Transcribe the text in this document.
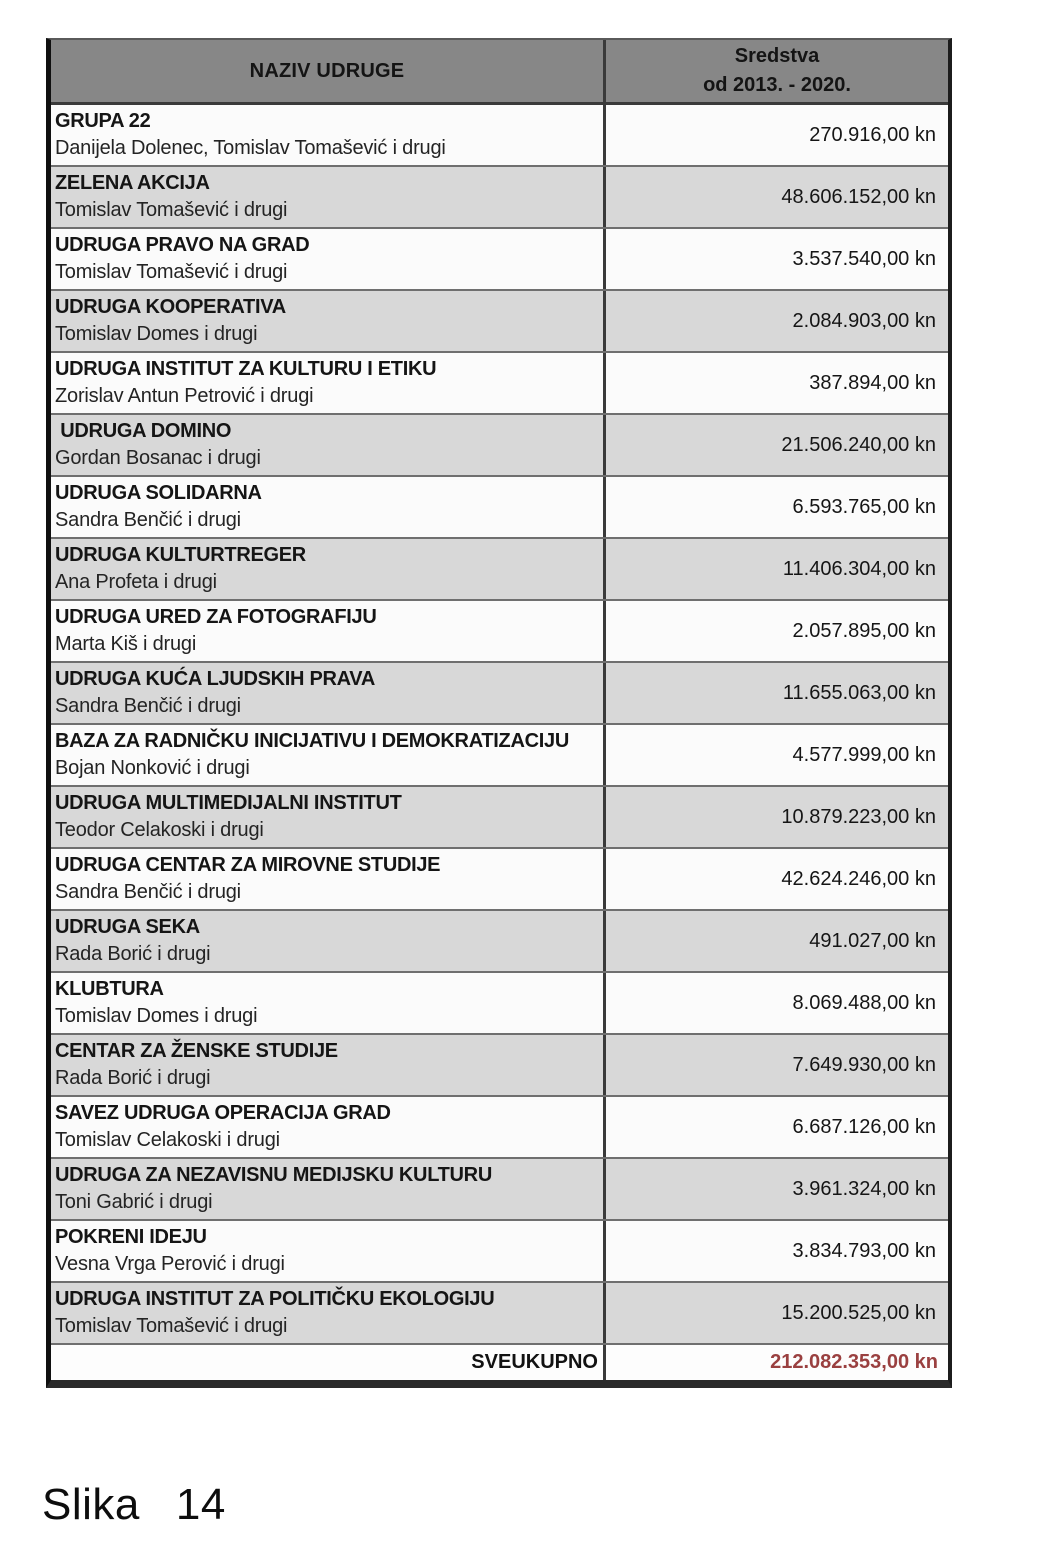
NAZIV UDRUGE
Sredstva
od 2013. - 2020.
GRUPA 22
Danijela Dolenec, Tomislav Tomašević i drugi
270.916,00 kn
ZELENA AKCIJA
Tomislav Tomašević i drugi
48.606.152,00 kn
UDRUGA PRAVO NA GRAD
Tomislav Tomašević i drugi
3.537.540,00 kn
UDRUGA KOOPERATIVA
Tomislav Domes i drugi
2.084.903,00 kn
UDRUGA INSTITUT ZA KULTURU I ETIKU
Zorislav Antun Petrović i drugi
387.894,00 kn
UDRUGA DOMINO
Gordan Bosanac i drugi
21.506.240,00 kn
UDRUGA SOLIDARNA
Sandra Benčić i drugi
6.593.765,00 kn
UDRUGA KULTURTREGER
Ana Profeta i drugi
11.406.304,00 kn
UDRUGA URED ZA FOTOGRAFIJU
Marta Kiš i drugi
2.057.895,00 kn
UDRUGA KUĆA LJUDSKIH PRAVA
Sandra Benčić i drugi
11.655.063,00 kn
BAZA ZA RADNIČKU INICIJATIVU I DEMOKRATIZACIJU
Bojan Nonković i drugi
4.577.999,00 kn
UDRUGA MULTIMEDIJALNI INSTITUT
Teodor Celakoski i drugi
10.879.223,00 kn
UDRUGA CENTAR ZA MIROVNE STUDIJE
Sandra Benčić i drugi
42.624.246,00 kn
UDRUGA SEKA
Rada Borić i drugi
491.027,00 kn
KLUBTURA
Tomislav Domes i drugi
8.069.488,00 kn
CENTAR ZA ŽENSKE STUDIJE
Rada Borić i drugi
7.649.930,00 kn
SAVEZ UDRUGA OPERACIJA GRAD
Tomislav Celakoski i drugi
6.687.126,00 kn
UDRUGA ZA NEZAVISNU MEDIJSKU KULTURU
Toni Gabrić i drugi
3.961.324,00 kn
POKRENI IDEJU
Vesna Vrga Perović i drugi
3.834.793,00 kn
UDRUGA INSTITUT ZA POLITIČKU EKOLOGIJU
Tomislav Tomašević i drugi
15.200.525,00 kn
SVEUKUPNO	212.082.353,00 kn
Slika 14
